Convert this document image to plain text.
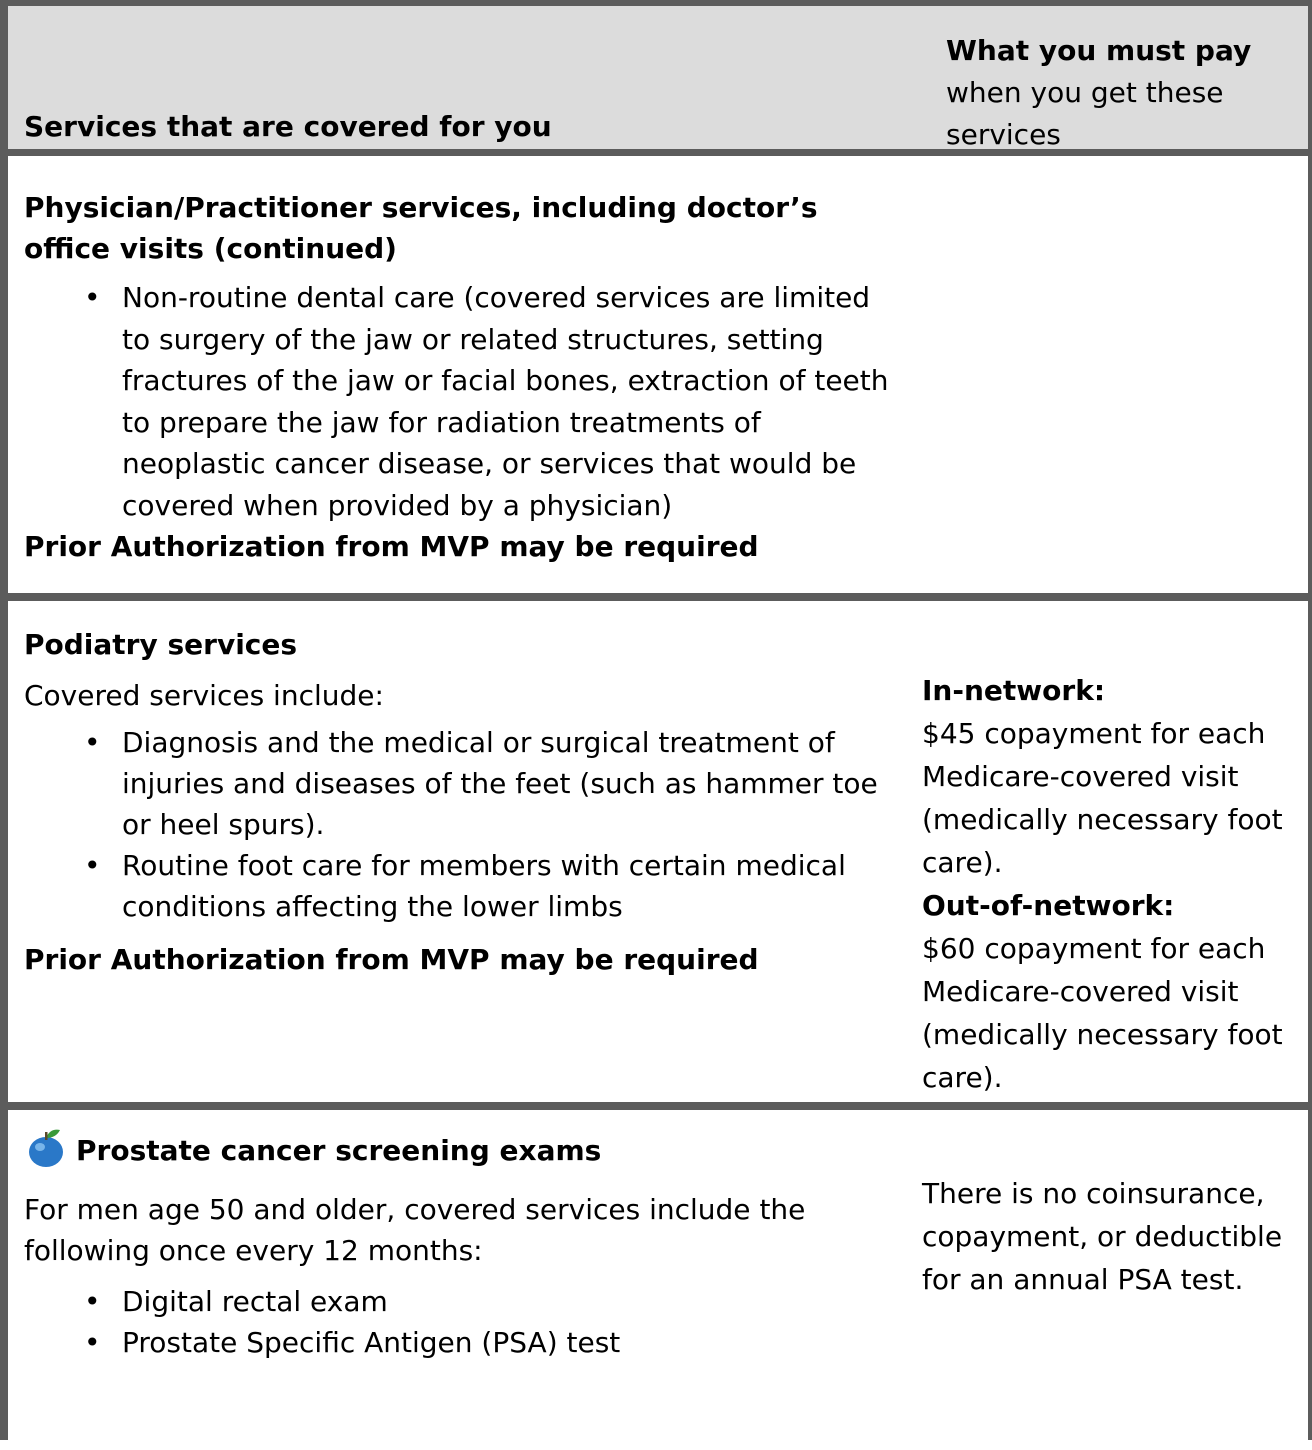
Services that are covered for you
What you must pay
when you get these services

Physician/Practitioner services, including doctor’s office visits (continued)

• Non-routine dental care (covered services are limited to surgery of the jaw or related structures, setting fractures of the jaw or facial bones, extraction of teeth to prepare the jaw for radiation treatments of neoplastic cancer disease, or services that would be covered when provided by a physician)

Prior Authorization from MVP may be required

Podiatry services

Covered services include:

• Diagnosis and the medical or surgical treatment of injuries and diseases of the feet (such as hammer toe or heel spurs).
• Routine foot care for members with certain medical conditions affecting the lower limbs

Prior Authorization from MVP may be required

In-network:
$45 copayment for each Medicare-covered visit (medically necessary foot care).
Out-of-network:
$60 copayment for each Medicare-covered visit (medically necessary foot care).

Prostate cancer screening exams

For men age 50 and older, covered services include the following once every 12 months:

• Digital rectal exam
• Prostate Specific Antigen (PSA) test
There is no coinsurance, copayment, or deductible for an annual PSA test.
